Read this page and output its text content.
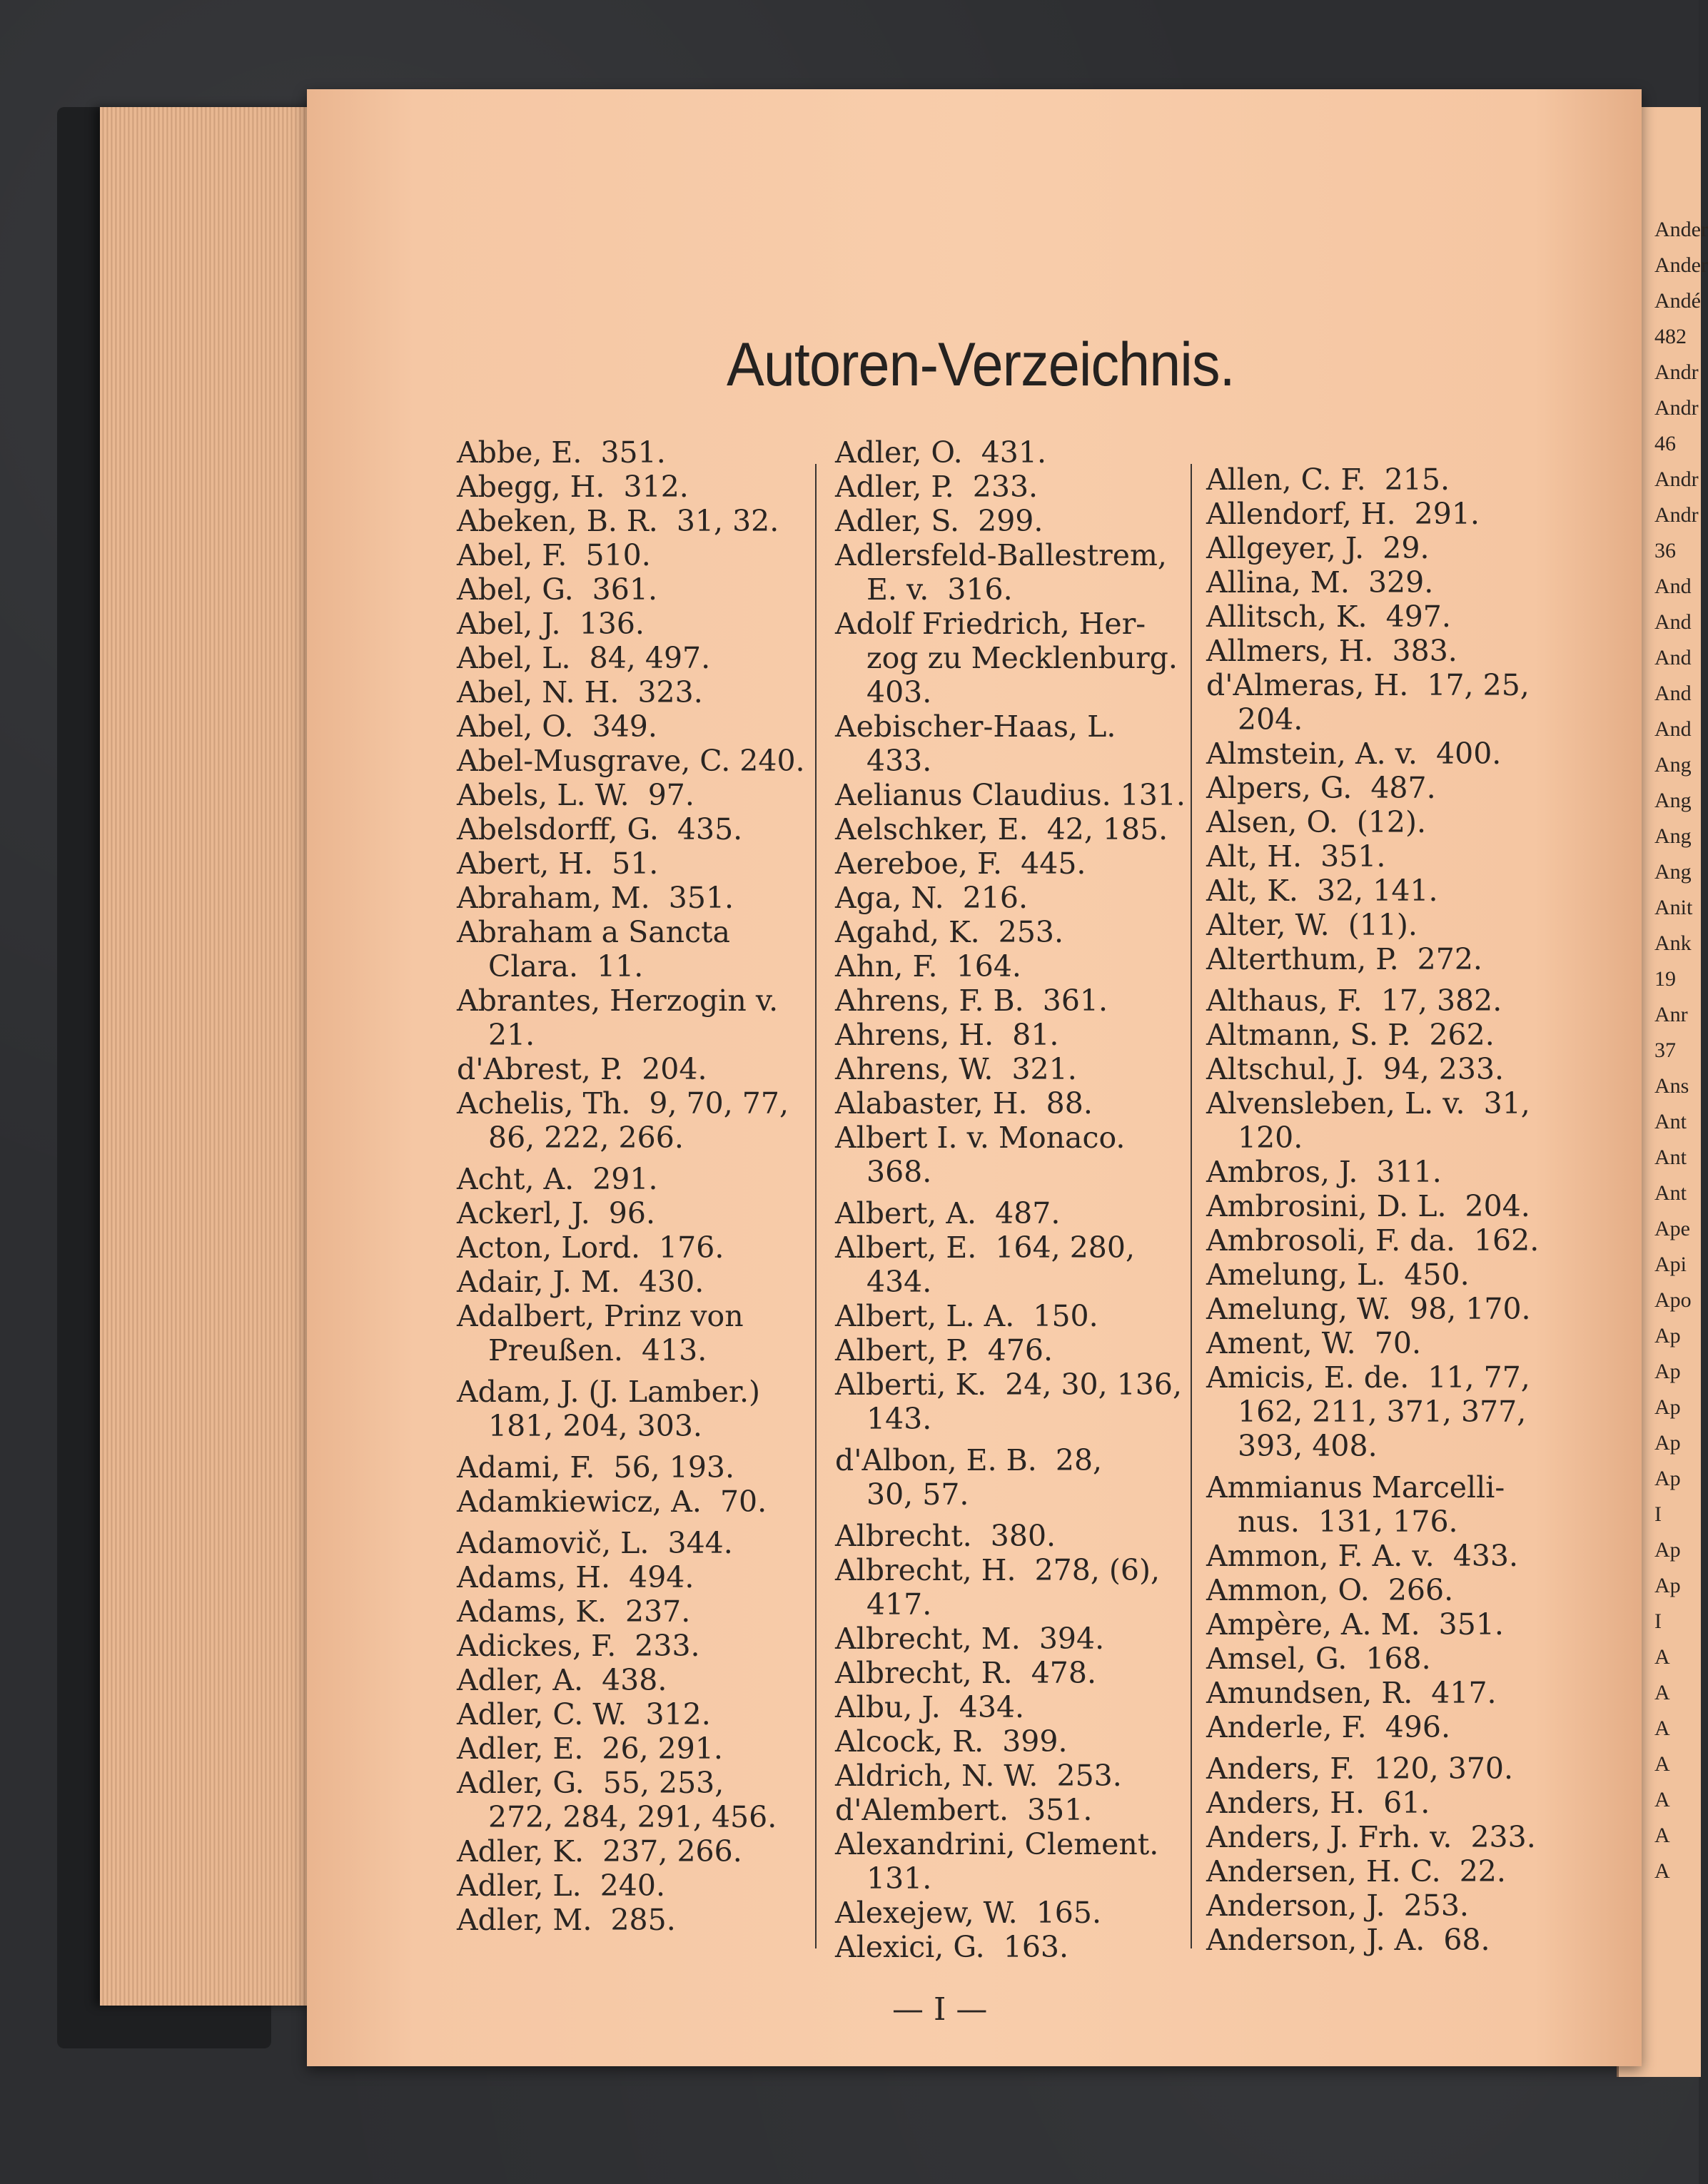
Ander
Ander
Andé
482
Andr
Andr
46
Andr
Andr
36
And
And
And
And
And
Ang
Ang
Ang
Ang
Anit
Ank
19
Anr
37
Ans
Ant
Ant
Ant
Ape
Api
Apo
Ap
Ap
Ap
Ap
Ap
I
Ap
Ap
I
A
A
A
A
A
A
A
Autoren-Verzeichnis.
Abbe, E.  351.
Abegg, H.  312.
Abeken, B. R.  31, 32.
Abel, F.  510.
Abel, G.  361.
Abel, J.  136.
Abel, L.  84, 497.
Abel, N. H.  323.
Abel, O.  349.
Abel-Musgrave, C. 240.
Abels, L. W.  97.
Abelsdorff, G.  435.
Abert, H.  51.
Abraham, M.  351.
Abraham a Sancta
Clara.  11.
Abrantes, Herzogin v.
21.
d'Abrest, P.  204.
Achelis, Th.  9, 70, 77,
86, 222, 266.
Acht, A.  291.
Ackerl, J.  96.
Acton, Lord.  176.
Adair, J. M.  430.
Adalbert, Prinz von
Preußen.  413.
Adam, J. (J. Lamber.)
181, 204, 303.
Adami, F.  56, 193.
Adamkiewicz, A.  70.
Adamovič, L.  344.
Adams, H.  494.
Adams, K.  237.
Adickes, F.  233.
Adler, A.  438.
Adler, C. W.  312.
Adler, E.  26, 291.
Adler, G.  55, 253,
272, 284, 291, 456.
Adler, K.  237, 266.
Adler, L.  240.
Adler, M.  285.
Adler, O.  431.
Adler, P.  233.
Adler, S.  299.
Adlersfeld-Ballestrem,
E. v.  316.
Adolf Friedrich, Her-
zog zu Mecklenburg.
403.
Aebischer-Haas, L.
433.
Aelianus Claudius. 131.
Aelschker, E.  42, 185.
Aereboe, F.  445.
Aga, N.  216.
Agahd, K.  253.
Ahn, F.  164.
Ahrens, F. B.  361.
Ahrens, H.  81.
Ahrens, W.  321.
Alabaster, H.  88.
Albert I. v. Monaco.
368.
Albert, A.  487.
Albert, E.  164, 280,
434.
Albert, L. A.  150.
Albert, P.  476.
Alberti, K.  24, 30, 136,
143.
d'Albon, E. B.  28,
30, 57.
Albrecht.  380.
Albrecht, H.  278, (6),
417.
Albrecht, M.  394.
Albrecht, R.  478.
Albu, J.  434.
Alcock, R.  399.
Aldrich, N. W.  253.
d'Alembert.  351.
Alexandrini, Clement.
131.
Alexejew, W.  165.
Alexici, G.  163.
Allen, C. F.  215.
Allendorf, H.  291.
Allgeyer, J.  29.
Allina, M.  329.
Allitsch, K.  497.
Allmers, H.  383.
d'Almeras, H.  17, 25,
204.
Almstein, A. v.  400.
Alpers, G.  487.
Alsen, O.  (12).
Alt, H.  351.
Alt, K.  32, 141.
Alter, W.  (11).
Alterthum, P.  272.
Althaus, F.  17, 382.
Altmann, S. P.  262.
Altschul, J.  94, 233.
Alvensleben, L. v.  31,
120.
Ambros, J.  311.
Ambrosini, D. L.  204.
Ambrosoli, F. da.  162.
Amelung, L.  450.
Amelung, W.  98, 170.
Ament, W.  70.
Amicis, E. de.  11, 77,
162, 211, 371, 377,
393, 408.
Ammianus Marcelli-
nus.  131, 176.
Ammon, F. A. v.  433.
Ammon, O.  266.
Ampère, A. M.  351.
Amsel, G.  168.
Amundsen, R.  417.
Anderle, F.  496.
Anders, F.  120, 370.
Anders, H.  61.
Anders, J. Frh. v.  233.
Andersen, H. C.  22.
Anderson, J.  253.
Anderson, J. A.  68.
— I —
